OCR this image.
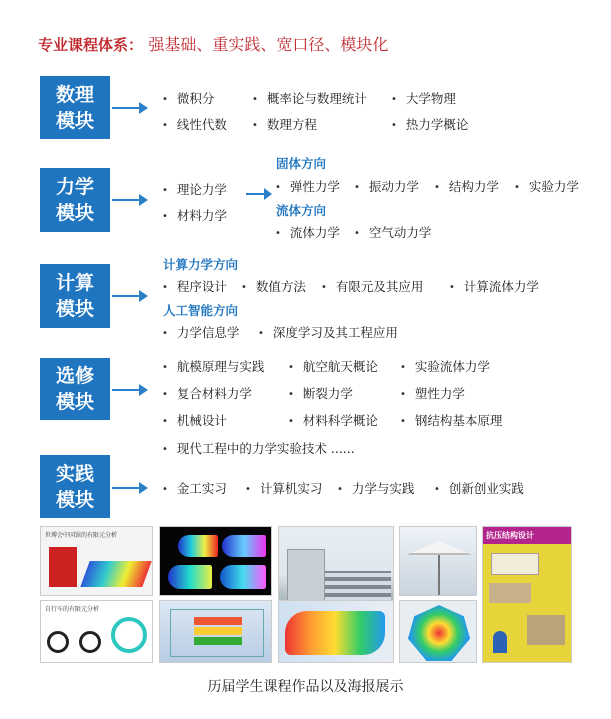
专业课程体系： 强基础、重实践、宽口径、模块化
数理
模块
• 微积分	• 概率论与数理统计	• 大学物理
• 线性代数	• 数理方程	• 热力学概论
力学
模块
• 理论力学
• 材料力学
固体方向
• 弹性力学	• 振动力学	• 结构力学	• 实验力学
流体方向
• 流体力学	• 空气动力学
计算
模块
计算力学方向
• 程序设计	• 数值方法	• 有限元及其应用	• 计算流体力学
人工智能方向
• 力学信息学	• 深度学习及其工程应用
选修
模块
• 航模原理与实践	• 航空航天概论	• 实验流体力学
• 复合材料力学	• 断裂力学	• 塑性力学
• 机械设计	• 材料科学概论	• 钢结构基本原理
• 现代工程中的力学实验技术 ......
实践
模块	• 金工实习	• 计算机实习	• 力学与实践	• 创新创业实践
世博会中国馆的有限元分析	抗压结构设计
自行车的有限元分析
历届学生课程作品以及海报展示
